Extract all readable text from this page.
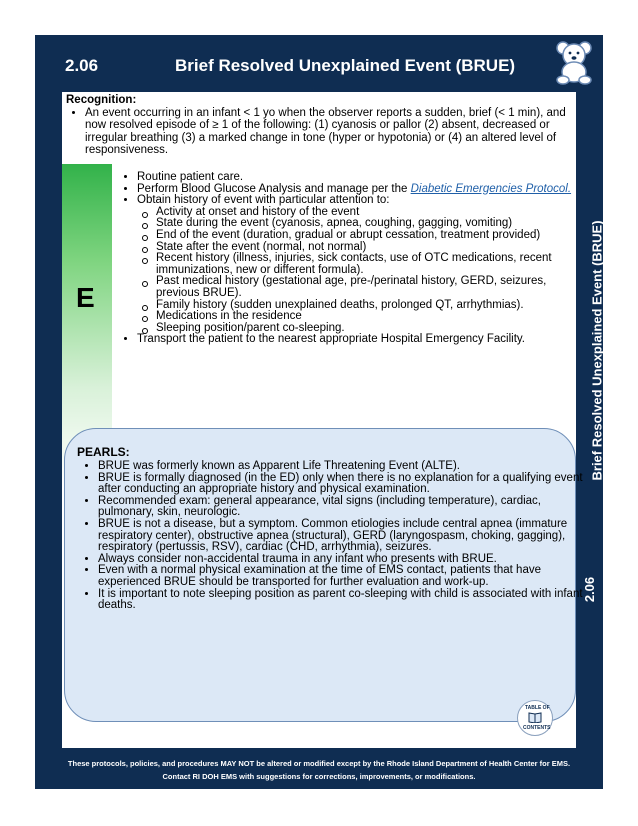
2.06	Brief Resolved Unexplained Event (BRUE)
Recognition:
• An event occurring in an infant < 1 yo when the observer reports a sudden, brief (< 1 min), and now resolved episode of ≥ 1 of the following: (1) cyanosis or pallor (2) absent, decreased or irregular breathing (3) a marked change in tone (hyper or hypotonia) or (4) an altered level of responsiveness.
E
• Routine patient care.
• Perform Blood Glucose Analysis and manage per the Diabetic Emergencies Protocol.
• Obtain history of event with particular attention to:
Activity at onset and history of the event
State during the event (cyanosis, apnea, coughing, gagging, vomiting)
End of the event (duration, gradual or abrupt cessation, treatment provided)
State after the event (normal, not normal)
Recent history (illness, injuries, sick contacts, use of OTC medications, recent immunizations, new or different formula).
Past medical history (gestational age, pre-/perinatal history, GERD, seizures, previous BRUE).
Family history (sudden unexplained deaths, prolonged QT, arrhythmias).
Medications in the residence
Sleeping position/parent co-sleeping.
• Transport the patient to the nearest appropriate Hospital Emergency Facility.
PEARLS:
• BRUE was formerly known as Apparent Life Threatening Event (ALTE).
• BRUE is formally diagnosed (in the ED) only when there is no explanation for a qualifying event after conducting an appropriate history and physical examination.
• Recommended exam: general appearance, vital signs (including temperature), cardiac, pulmonary, skin, neurologic.
• BRUE is not a disease, but a symptom. Common etiologies include central apnea (immature respiratory center), obstructive apnea (structural), GERD (laryngospasm, choking, gagging), respiratory (pertussis, RSV), cardiac (CHD, arrhythmia), seizures.
• Always consider non-accidental trauma in any infant who presents with BRUE.
• Even with a normal physical examination at the time of EMS contact, patients that have experienced BRUE should be transported for further evaluation and work-up.
• It is important to note sleeping position as parent co-sleeping with child is associated with infant deaths.
TABLE OF
CONTENTS
Brief Resolved Unexplained Event (BRUE)
2.06
These protocols, policies, and procedures MAY NOT be altered or modified except by the Rhode Island Department of Health Center for EMS.
Contact RI DOH EMS with suggestions for corrections, improvements, or modifications.
